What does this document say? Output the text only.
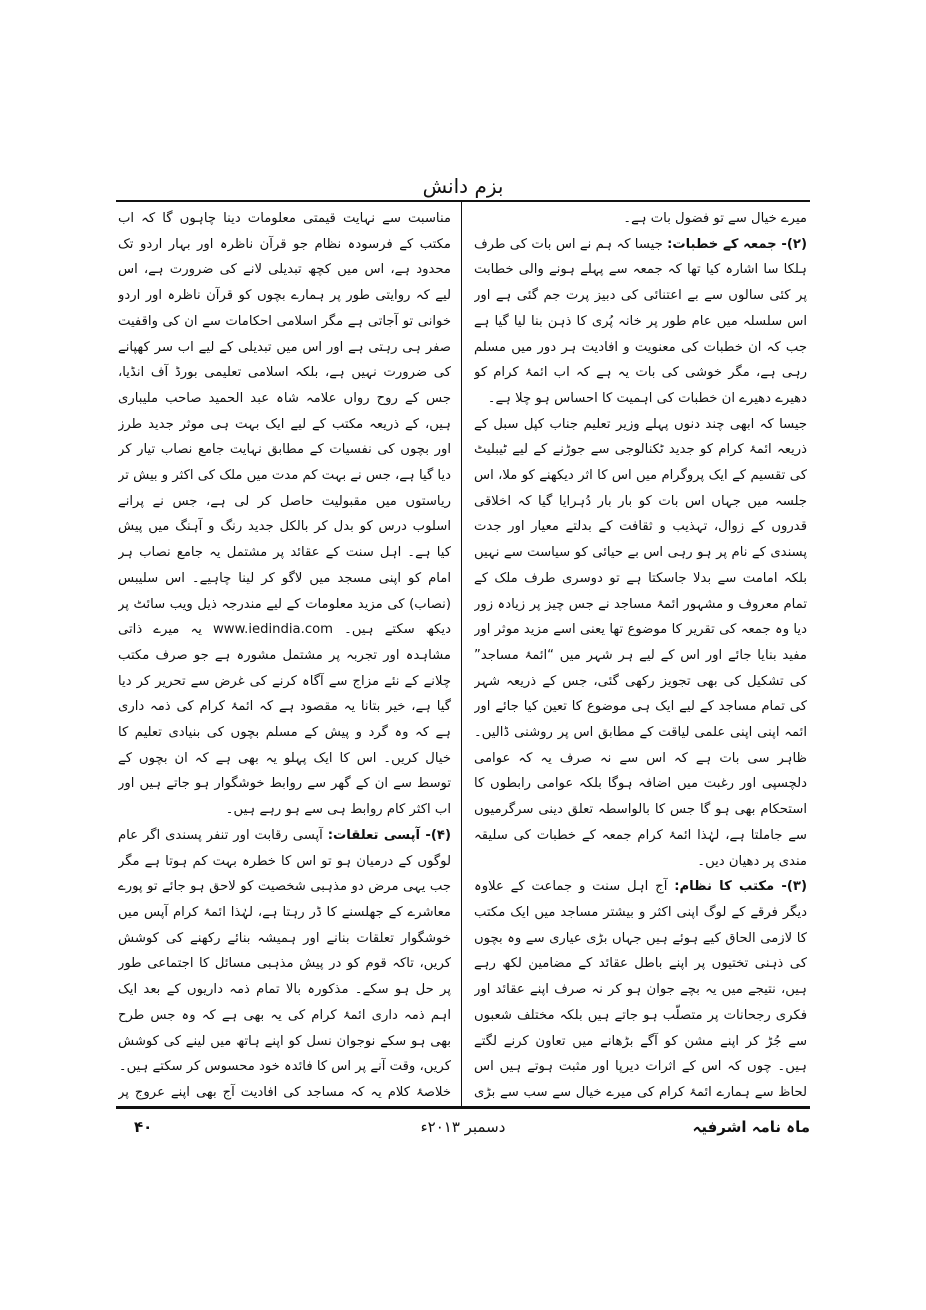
بزم دانش

میرے خیال سے تو فضول بات ہے۔

(۲)- جمعہ کے خطبات: جیسا کہ ہم نے اس بات کی طرف ہلکا سا اشارہ کیا تھا کہ جمعہ سے پہلے ہونے والی خطابت پر کئی سالوں سے بے اعتنائی کی دبیز پرت جم گئی ہے اور اس سلسلہ میں عام طور پر خانہ پُری کا ذہن بنا لیا گیا ہے جب کہ ان خطبات کی معنویت و افادیت ہر دور میں مسلم رہی ہے، مگر خوشی کی بات یہ ہے کہ اب ائمۂ کرام کو دھیرے دھیرے ان خطبات کی اہمیت کا احساس ہو چلا ہے۔

جیسا کہ ابھی چند دنوں پہلے وزیر تعلیم جناب کپل سبل کے ذریعہ ائمۂ کرام کو جدید ٹکنالوجی سے جوڑنے کے لیے ٹیبلیٹ کی تقسیم کے ایک پروگرام میں اس کا اثر دیکھنے کو ملا، اس جلسہ میں جہاں اس بات کو بار بار دُہرایا گیا کہ اخلاقی قدروں کے زوال، تہذیب و ثقافت کے بدلتے معیار اور جدت پسندی کے نام پر ہو رہی اس بے حیائی کو سیاست سے نہیں بلکہ امامت سے بدلا جاسکتا ہے تو دوسری طرف ملک کے تمام معروف و مشہور ائمۂ مساجد نے جس چیز پر زیادہ زور دیا وہ جمعہ کی تقریر کا موضوع تھا یعنی اسے مزید موثر اور مفید بنایا جائے اور اس کے لیے ہر شہر میں “ائمۂ مساجد” کی تشکیل کی بھی تجویز رکھی گئی، جس کے ذریعہ شہر کی تمام مساجد کے لیے ایک ہی موضوع کا تعین کیا جائے اور ائمہ اپنی اپنی علمی لیاقت کے مطابق اس پر روشنی ڈالیں۔ ظاہر سی بات ہے کہ اس سے نہ صرف یہ کہ عوامی دلچسپی اور رغبت میں اضافہ ہوگا بلکہ عوامی رابطوں کا استحکام بھی ہو گا جس کا بالواسطہ تعلق دینی سرگرمیوں سے جاملتا ہے، لہٰذا ائمۂ کرام جمعہ کے خطبات کی سلیقہ مندی پر دھیان دیں۔

(۳)- مکتب کا نظام: آج اہل سنت و جماعت کے علاوہ دیگر فرقے کے لوگ اپنی اکثر و بیشتر مساجد میں ایک مکتب کا لازمی الحاق کیے ہوئے ہیں جہاں بڑی عیاری سے وہ بچوں کی ذہنی تختیوں پر اپنے باطل عقائد کے مضامین لکھ رہے ہیں، نتیجے میں یہ بچے جوان ہو کر نہ صرف اپنے عقائد اور فکری رجحانات پر متصلّب ہو جاتے ہیں بلکہ مختلف شعبوں سے جُڑ کر اپنے مشن کو آگے بڑھانے میں تعاون کرنے لگتے ہیں۔ چوں کہ اس کے اثرات دیرپا اور مثبت ہوتے ہیں اس لحاظ سے ہمارے ائمۂ کرام کی میرے خیال سے سب سے بڑی

مناسبت سے نہایت قیمتی معلومات دینا چاہوں گا کہ اب مکتب کے فرسودہ نظام جو قرآن ناظرہ اور بہار اردو تک محدود ہے، اس میں کچھ تبدیلی لانے کی ضرورت ہے، اس لیے کہ روایتی طور پر ہمارے بچوں کو قرآن ناظرہ اور اردو خوانی تو آجاتی ہے مگر اسلامی احکامات سے ان کی واقفیت صفر ہی رہتی ہے اور اس میں تبدیلی کے لیے اب سر کھپانے کی ضرورت نہیں ہے، بلکہ اسلامی تعلیمی بورڈ آف انڈیا، جس کے روح رواں علامہ شاہ عبد الحمید صاحب ملیباری ہیں، کے ذریعہ مکتب کے لیے ایک بہت ہی موثر جدید طرز اور بچوں کی نفسیات کے مطابق نہایت جامع نصاب تیار کر دیا گیا ہے، جس نے بہت کم مدت میں ملک کی اکثر و بیش تر ریاستوں میں مقبولیت حاصل کر لی ہے، جس نے پرانے اسلوب درس کو بدل کر بالکل جدید رنگ و آہنگ میں پیش کیا ہے۔ اہل سنت کے عقائد پر مشتمل یہ جامع نصاب ہر امام کو اپنی مسجد میں لاگو کر لینا چاہیے۔ اس سلیبس (نصاب) کی مزید معلومات کے لیے مندرجہ ذیل ویب سائٹ پر دیکھ سکتے ہیں۔ www.iedindia.com یہ میرے ذاتی مشاہدہ اور تجربہ پر مشتمل مشورہ ہے جو صرف مکتب چلانے کے نئے مزاج سے آگاہ کرنے کی غرض سے تحریر کر دیا گیا ہے، خیر بتانا یہ مقصود ہے کہ ائمۂ کرام کی ذمہ داری ہے کہ وہ گرد و پیش کے مسلم بچوں کی بنیادی تعلیم کا خیال کریں۔ اس کا ایک پہلو یہ بھی ہے کہ ان بچوں کے توسط سے ان کے گھر سے روابط خوشگوار ہو جاتے ہیں اور اب اکثر کام روابط ہی سے ہو رہے ہیں۔

(۴)- آپسی تعلقات: آپسی رقابت اور تنفر پسندی اگر عام لوگوں کے درمیان ہو تو اس کا خطرہ بہت کم ہوتا ہے مگر جب یہی مرض دو مذہبی شخصیت کو لاحق ہو جائے تو پورے معاشرے کے جھلسنے کا ڈر رہتا ہے، لہٰذا ائمۂ کرام آپس میں خوشگوار تعلقات بنانے اور ہمیشہ بنائے رکھنے کی کوشش کریں، تاکہ قوم کو در پیش مذہبی مسائل کا اجتماعی طور پر حل ہو سکے۔ مذکورہ بالا تمام ذمہ داریوں کے بعد ایک اہم ذمہ داری ائمۂ کرام کی یہ بھی ہے کہ وہ جس طرح بھی ہو سکے نوجوان نسل کو اپنے ہاتھ میں لینے کی کوشش کریں، وقت آنے پر اس کا فائدہ خود محسوس کر سکتے ہیں۔

خلاصۂ کلام یہ کہ مساجد کی افادیت آج بھی اپنے عروج پر

ماہ نامہ اشرفیہ
دسمبر ۲۰۱۳ء
۴۰
